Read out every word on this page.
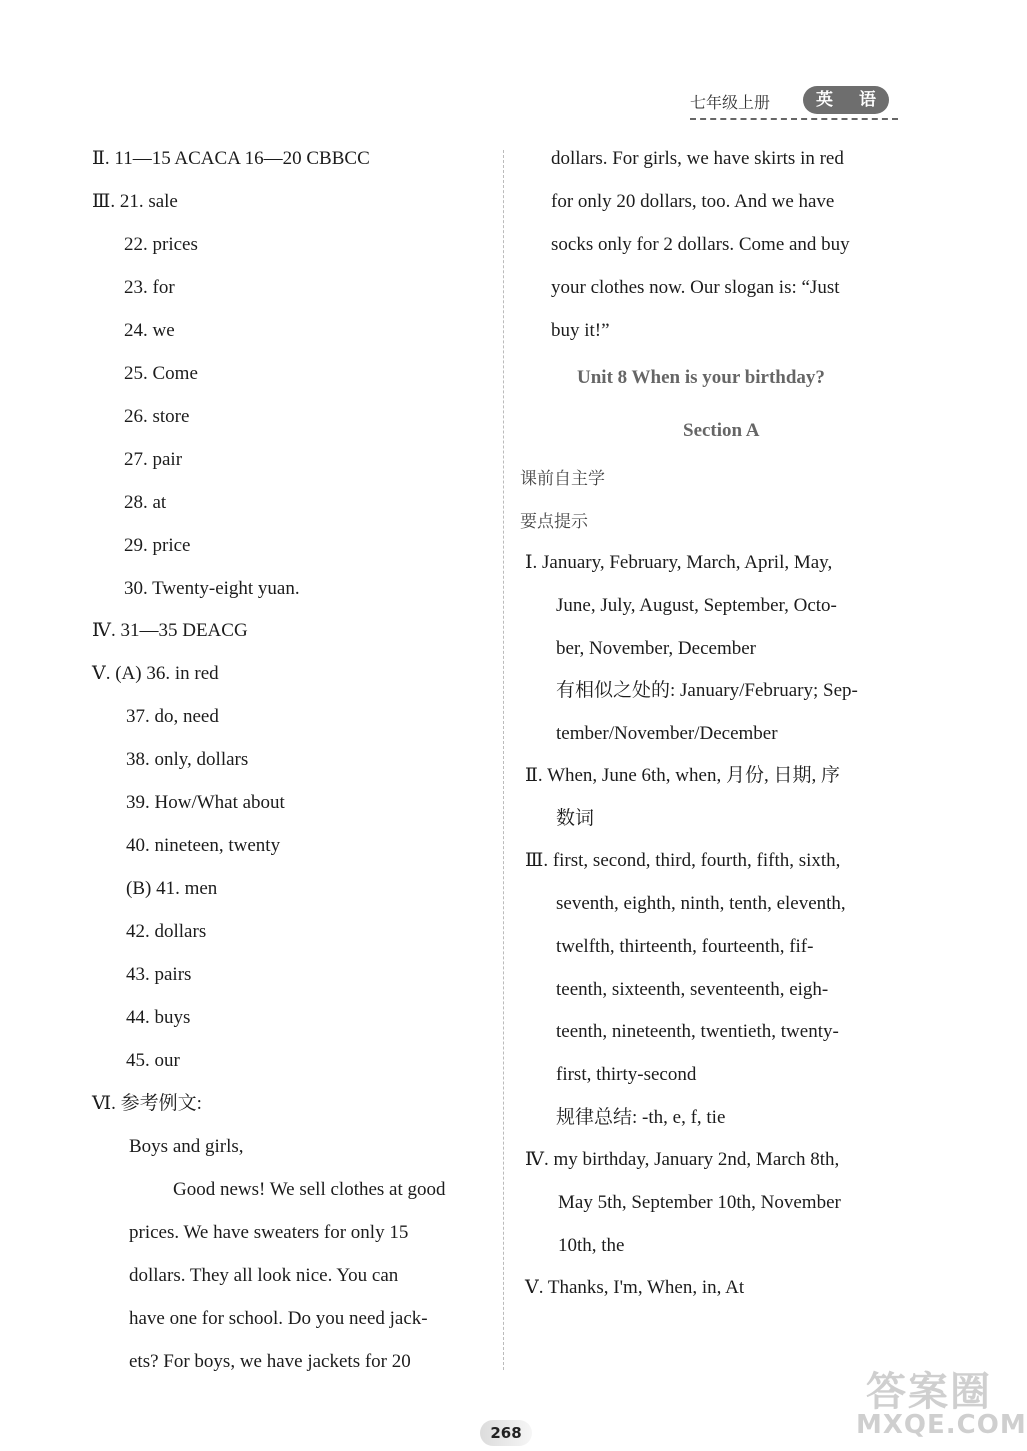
七年级上册	英 语
Ⅱ. 11—15 ACACA 16—20 CBBCC
Ⅲ. 21. sale
22. prices
23. for
24. we
25. Come
26. store
27. pair
28. at
29. price
30. Twenty-eight yuan.
Ⅳ. 31—35 DEACG
Ⅴ. (A) 36. in red
37. do, need
38. only, dollars
39. How/What about
40. nineteen, twenty
(B) 41. men
42. dollars
43. pairs
44. buys
45. our
Ⅵ. 参考例文:
Boys and girls,
Good news! We sell clothes at good
prices. We have sweaters for only 15
dollars. They all look nice. You can
have one for school. Do you need jack-
ets? For boys, we have jackets for 20
dollars. For girls, we have skirts in red
for only 20 dollars, too. And we have
socks only for 2 dollars. Come and buy
your clothes now. Our slogan is: “Just
buy it!”
Unit 8 When is your birthday?
Section A
课前自主学
要点提示
Ⅰ. January, February, March, April, May,
June, July, August, September, Octo-
ber, November, December
有相似之处的: January/February; Sep-
tember/November/December
Ⅱ. When, June 6th, when, 月份, 日期, 序
数词
Ⅲ. first, second, third, fourth, fifth, sixth,
seventh, eighth, ninth, tenth, eleventh,
twelfth, thirteenth, fourteenth, fif-
teenth, sixteenth, seventeenth, eigh-
teenth, nineteenth, twentieth, twenty-
first, thirty-second
规律总结: -th, e, f, tie
Ⅳ. my birthday, January 2nd, March 8th,
May 5th, September 10th, November
10th, the
Ⅴ. Thanks, I'm, When, in, At
268
答案圈
MXQE.COM
